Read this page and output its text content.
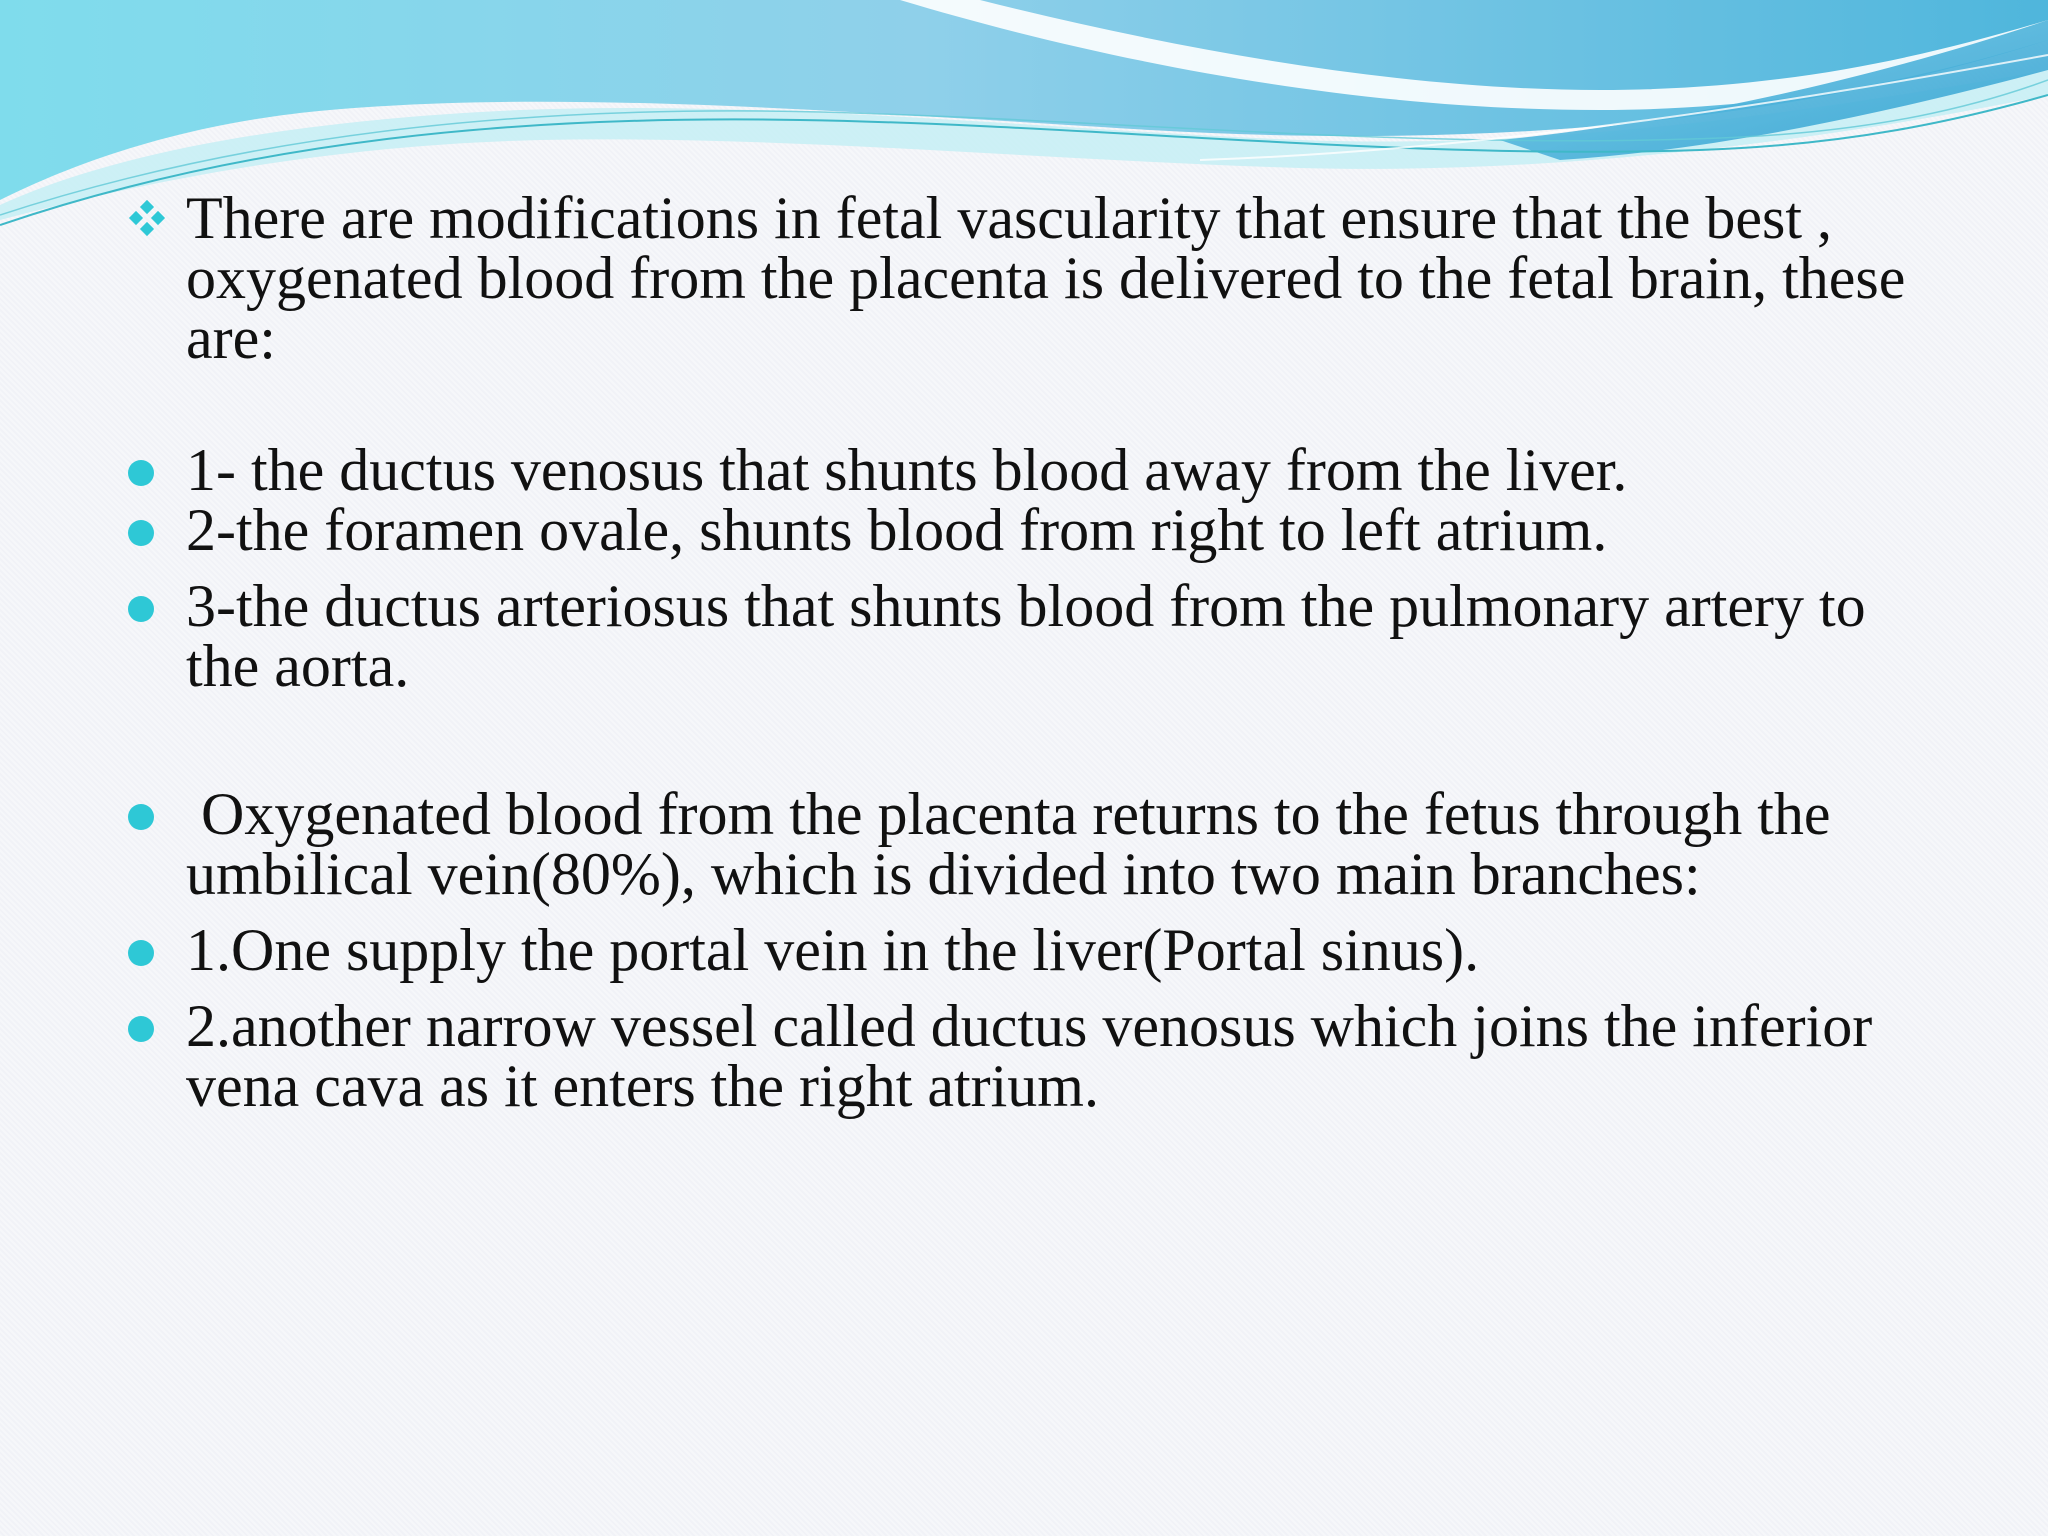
There are modifications in fetal vascularity that ensure that the best , oxygenated blood from the placenta is delivered to the fetal brain, these are:
1- the ductus venosus that shunts blood away from the liver.
2-the foramen ovale, shunts blood from right to left atrium.
3-the ductus arteriosus that shunts blood from the pulmonary artery to the aorta.
Oxygenated blood from the placenta returns to the fetus through the umbilical vein(80%), which is divided into two main branches:
1.One supply the portal vein in the liver(Portal sinus).
2.another narrow vessel called ductus venosus which joins the inferior vena cava as it enters the right atrium.
